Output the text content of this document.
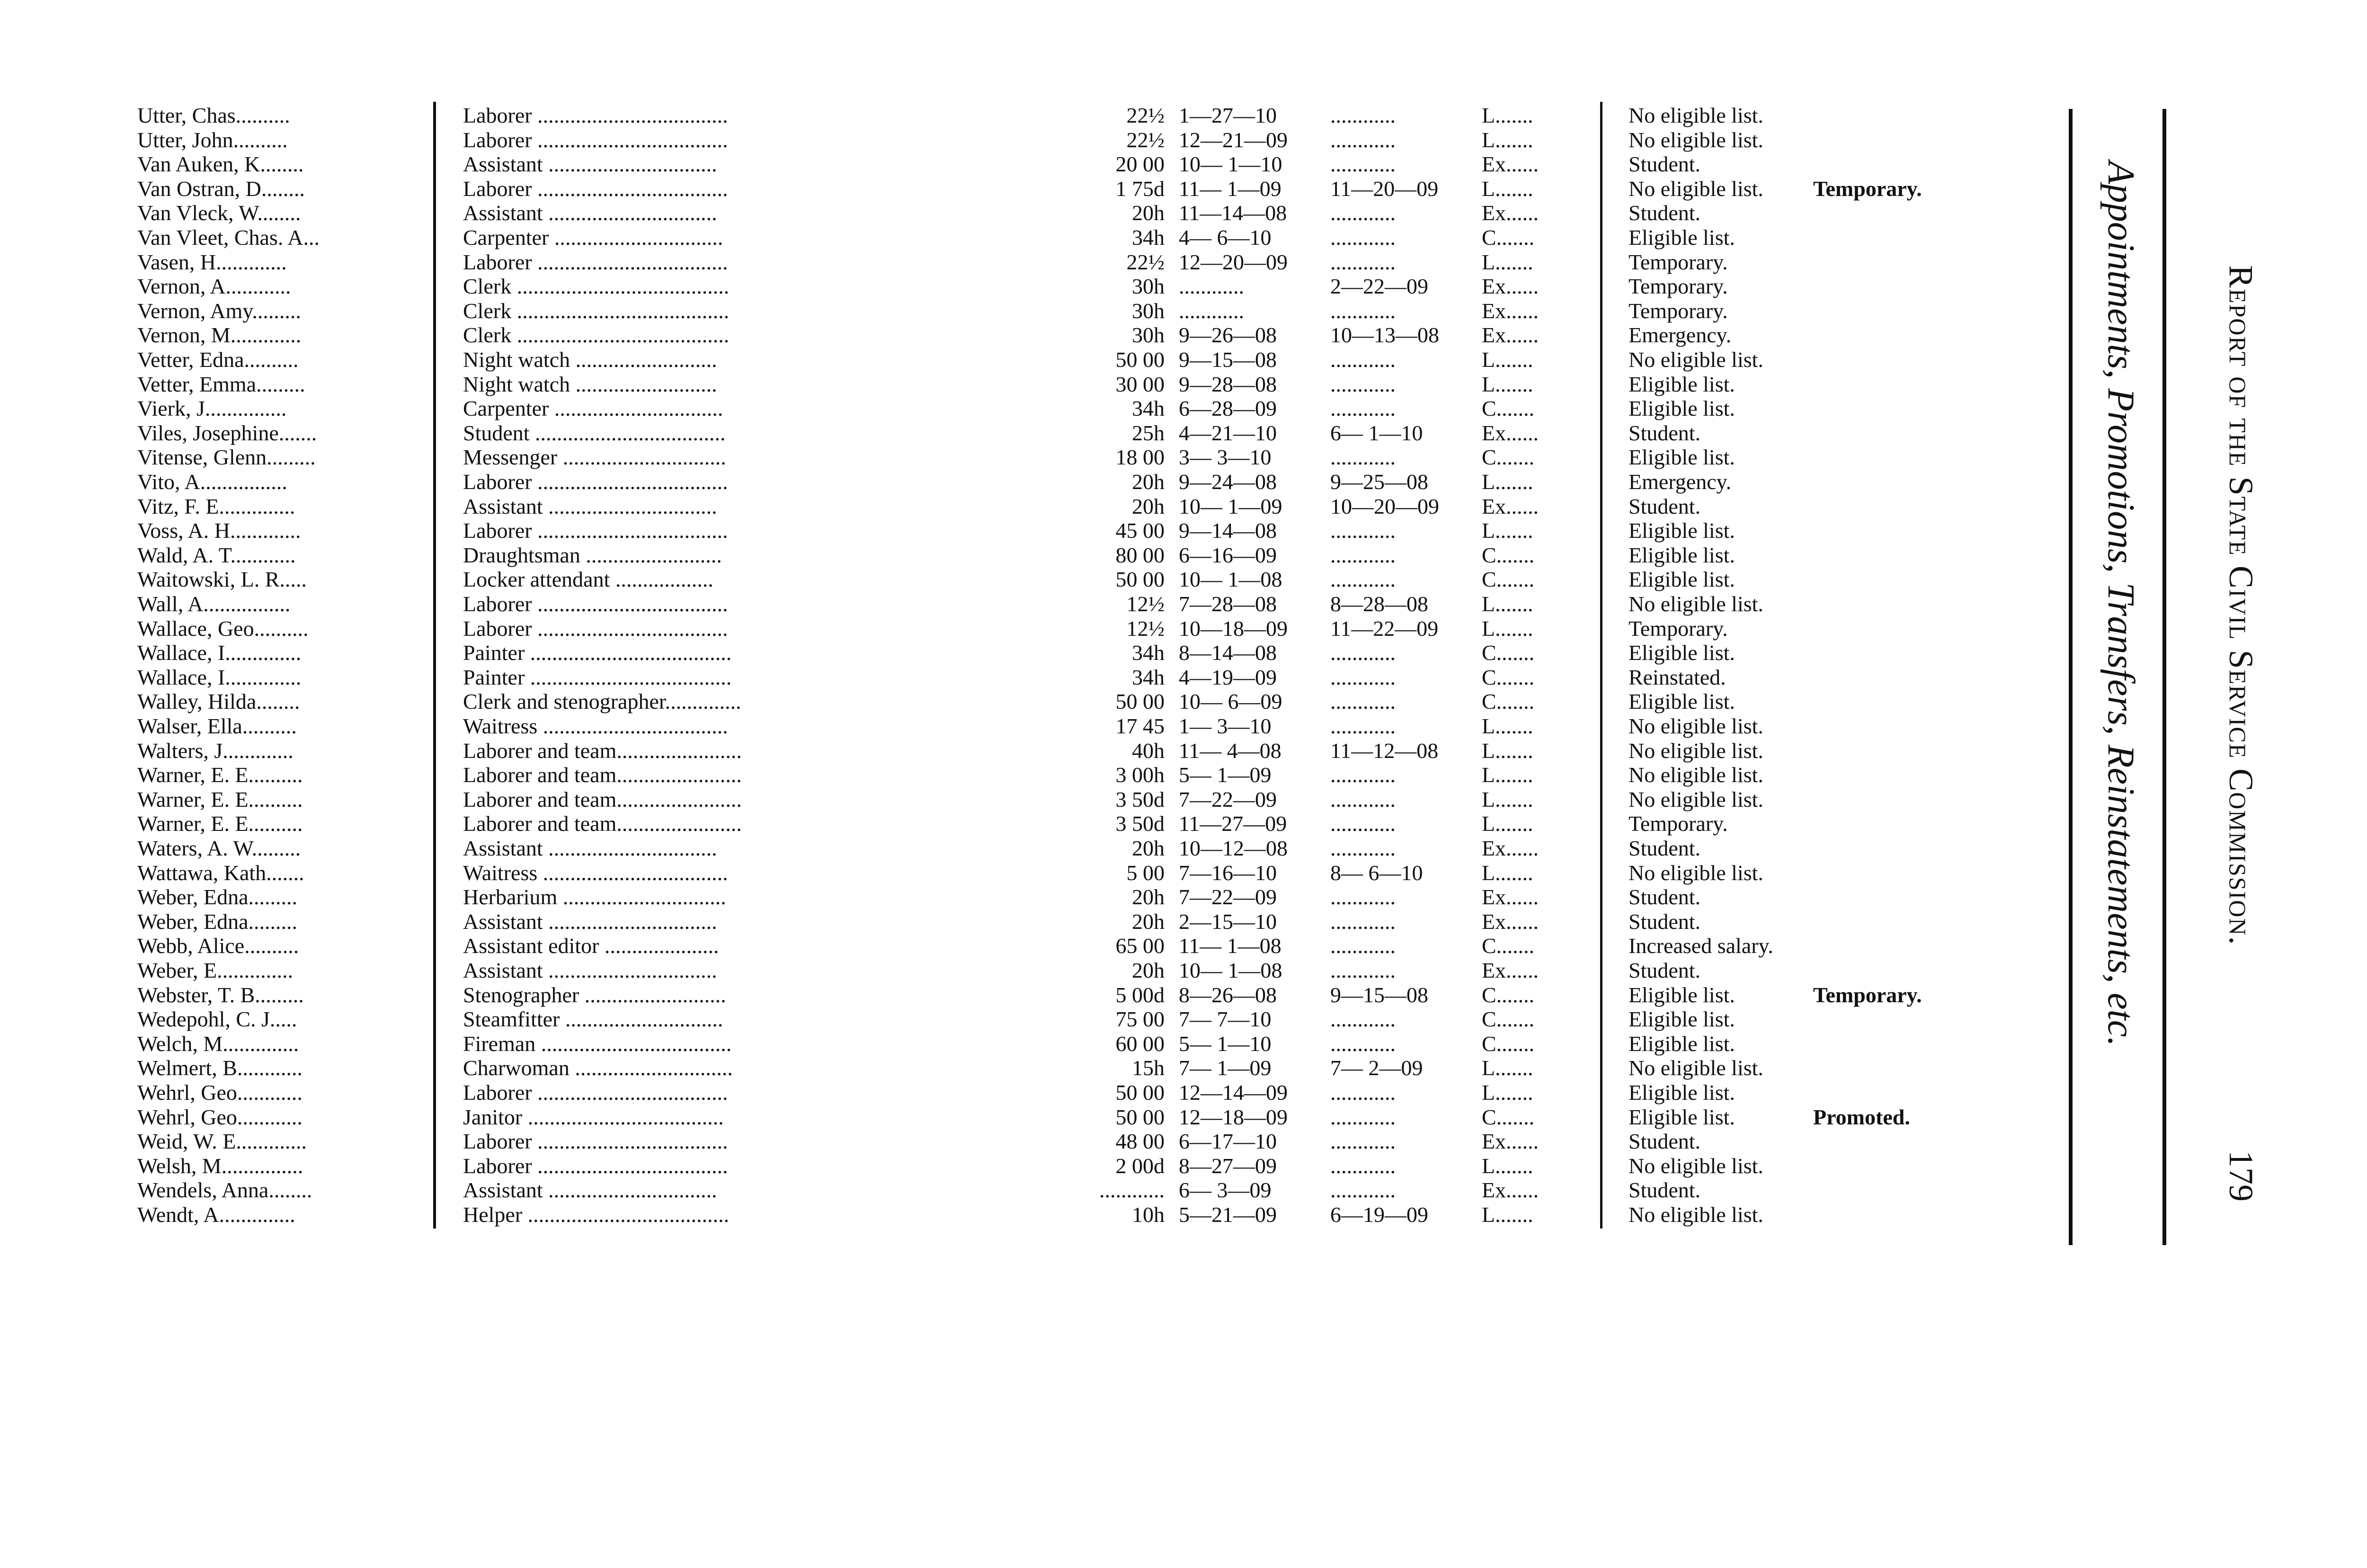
Utter, Chas..........	Laborer ...................................	22½ 1—27—10	............	L.......	No eligible list.
Utter, John..........	Laborer ...................................	22½ 12—21—09	............	L.......	No eligible list.
Van Auken, K........	Assistant ...............................	20 00 10— 1—10	............	Ex......	Student.
Van Ostran, D........	Laborer ...................................	1 75d 11— 1—09	11—20—09	L.......	No eligible list.	Temporary.
Van Vleck, W........	Assistant ...............................	20h 11—14—08	............	Ex......	Student.
Van Vleet, Chas. A...	Carpenter ...............................	34h 4— 6—10	............	C.......	Eligible list.
Vasen, H.............	Laborer ...................................	22½ 12—20—09	............	L.......	Temporary.
Vernon, A............	Clerk .......................................	30h ............	2—22—09	Ex......	Temporary.
Vernon, Amy.........	Clerk .......................................	30h ............	............	Ex......	Temporary.
Vernon, M.............	Clerk .......................................	30h 9—26—08	10—13—08	Ex......	Emergency.
Vetter, Edna..........	Night watch ..........................	50 00 9—15—08	............	L.......	No eligible list.
Vetter, Emma.........	Night watch ..........................	30 00 9—28—08	............	L.......	Eligible list.
Vierk, J...............	Carpenter ...............................	34h 6—28—09	............	C.......	Eligible list.
Viles, Josephine.......	Student ...................................	25h 4—21—10	6— 1—10	Ex......	Student.
Vitense, Glenn.........	Messenger ..............................	18 00 3— 3—10	............	C.......	Eligible list.
Vito, A................	Laborer ...................................	20h 9—24—08	9—25—08	L.......	Emergency.
Vitz, F. E..............	Assistant ...............................	20h 10— 1—09	10—20—09	Ex......	Student.
Voss, A. H.............	Laborer ...................................	45 00 9—14—08	............	L.......	Eligible list.
Wald, A. T............	Draughtsman .........................	80 00 6—16—09	............	C.......	Eligible list.
Waitowski, L. R.....	Locker attendant ..................	50 00 10— 1—08	............	C.......	Eligible list.
Wall, A................	Laborer ...................................	12½ 7—28—08	8—28—08	L.......	No eligible list.
Wallace, Geo..........	Laborer ...................................	12½ 10—18—09	11—22—09	L.......	Temporary.
Wallace, I..............	Painter .....................................	34h 8—14—08	............	C.......	Eligible list.
Wallace, I..............	Painter .....................................	34h 4—19—09	............	C.......	Reinstated.
Walley, Hilda........	Clerk and stenographer..............	50 00 10— 6—09	............	C.......	Eligible list.
Walser, Ella..........	Waitress ..................................	17 45 1— 3—10	............	L.......	No eligible list.
Walters, J.............	Laborer and team.......................	40h 11— 4—08	11—12—08	L.......	No eligible list.
Warner, E. E..........	Laborer and team.......................	3 00h 5— 1—09	............	L.......	No eligible list.
Warner, E. E..........	Laborer and team.......................	3 50d 7—22—09	............	L.......	No eligible list.
Warner, E. E..........	Laborer and team.......................	3 50d 11—27—09	............	L.......	Temporary.
Waters, A. W.........	Assistant ...............................	20h 10—12—08	............	Ex......	Student.
Wattawa, Kath.......	Waitress ..................................	5 00 7—16—10	8— 6—10	L.......	No eligible list.
Weber, Edna.........	Herbarium ..............................	20h 7—22—09	............	Ex......	Student.
Weber, Edna.........	Assistant ...............................	20h 2—15—10	............	Ex......	Student.
Webb, Alice..........	Assistant editor .....................	65 00 11— 1—08	............	C.......	Increased salary.
Weber, E..............	Assistant ...............................	20h 10— 1—08	............	Ex......	Student.
Webster, T. B.........	Stenographer ..........................	5 00d 8—26—08	9—15—08	C.......	Eligible list.	Temporary.
Wedepohl, C. J.....	Steamfitter .............................	75 00 7— 7—10	............	C.......	Eligible list.
Welch, M..............	Fireman ...................................	60 00 5— 1—10	............	C.......	Eligible list.
Welmert, B............	Charwoman .............................	15h 7— 1—09	7— 2—09	L.......	No eligible list.
Wehrl, Geo............	Laborer ...................................	50 00 12—14—09	............	L.......	Eligible list.
Wehrl, Geo............	Janitor ....................................	50 00 12—18—09	............	C.......	Eligible list.	Promoted.
Weid, W. E.............	Laborer ...................................	48 00 6—17—10	............	Ex......	Student.
Welsh, M...............	Laborer ...................................	2 00d 8—27—09	............	L.......	No eligible list.
Wendels, Anna........	Assistant ...............................	............ 6— 3—09	............	Ex......	Student.
Wendt, A..............	Helper .....................................	10h 5—21—09	6—19—09	L.......	No eligible list.
Appointments, Promotions, Transfers, Reinstatements, etc. Report of the State Civil Service Commission.
179
